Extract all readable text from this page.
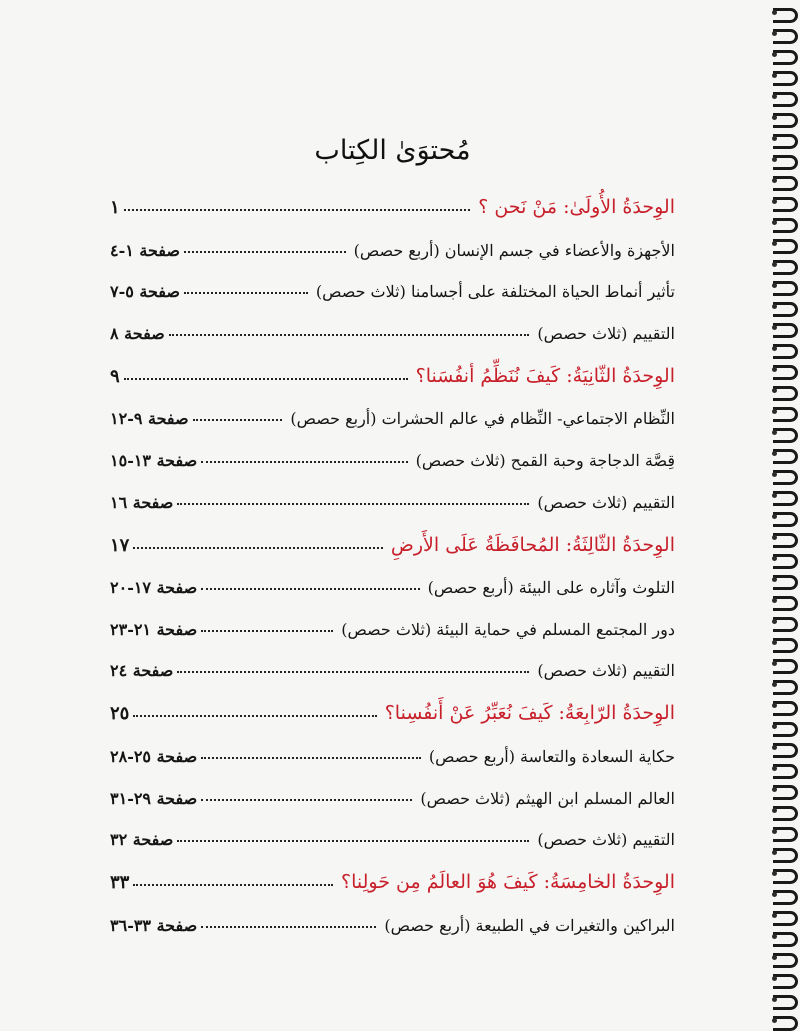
مُحتوَىٰ الكِتاب
الوِحدَةُ الأُولَىٰ: مَنْ نَحن ؟
١
الأجهزة والأعضاء في جسم الإنسان (أربع حصص)
صفحة ١-٤
تأثير أنماط الحياة المختلفة على أجسامنا (ثلاث حصص)
صفحة ٥-٧
التقييم (ثلاث حصص)
صفحة ٨
الوِحدَةُ الثّانِيَةُ: كَيفَ نُنَظِّمُ أنفُسَنا؟
٩
النِّظام الاجتماعي- النِّظام في عالم الحشرات (أربع حصص)
صفحة ٩-١٢
قِصَّة الدجاجة وحبة القمح (ثلاث حصص)
صفحة ١٣-١٥
التقييم (ثلاث حصص)
صفحة ١٦
الوِحدَةُ الثّالِثَةُ: المُحافَظَةُ عَلَى الأَرضِ
١٧
التلوث وآثاره على البيئة (أربع حصص)
صفحة ١٧-٢٠
دور المجتمع المسلم في حماية البيئة (ثلاث حصص)
صفحة ٢١-٢٣
التقييم (ثلاث حصص)
صفحة ٢٤
الوِحدَةُ الرّابِعَةُ: كَيفَ نُعَبِّرُ عَنْ أَنفُسِنا؟
٢٥
حكاية السعادة والتعاسة (أربع حصص)
صفحة ٢٥-٢٨
العالم المسلم ابن الهيثم (ثلاث حصص)
صفحة ٢٩-٣١
التقييم (ثلاث حصص)
صفحة ٣٢
الوِحدَةُ الخامِسَةُ: كَيفَ هُوَ العالَمُ مِن حَولِنا؟
٣٣
البراكين والتغيرات في الطبيعة (أربع حصص)
صفحة ٣٣-٣٦
